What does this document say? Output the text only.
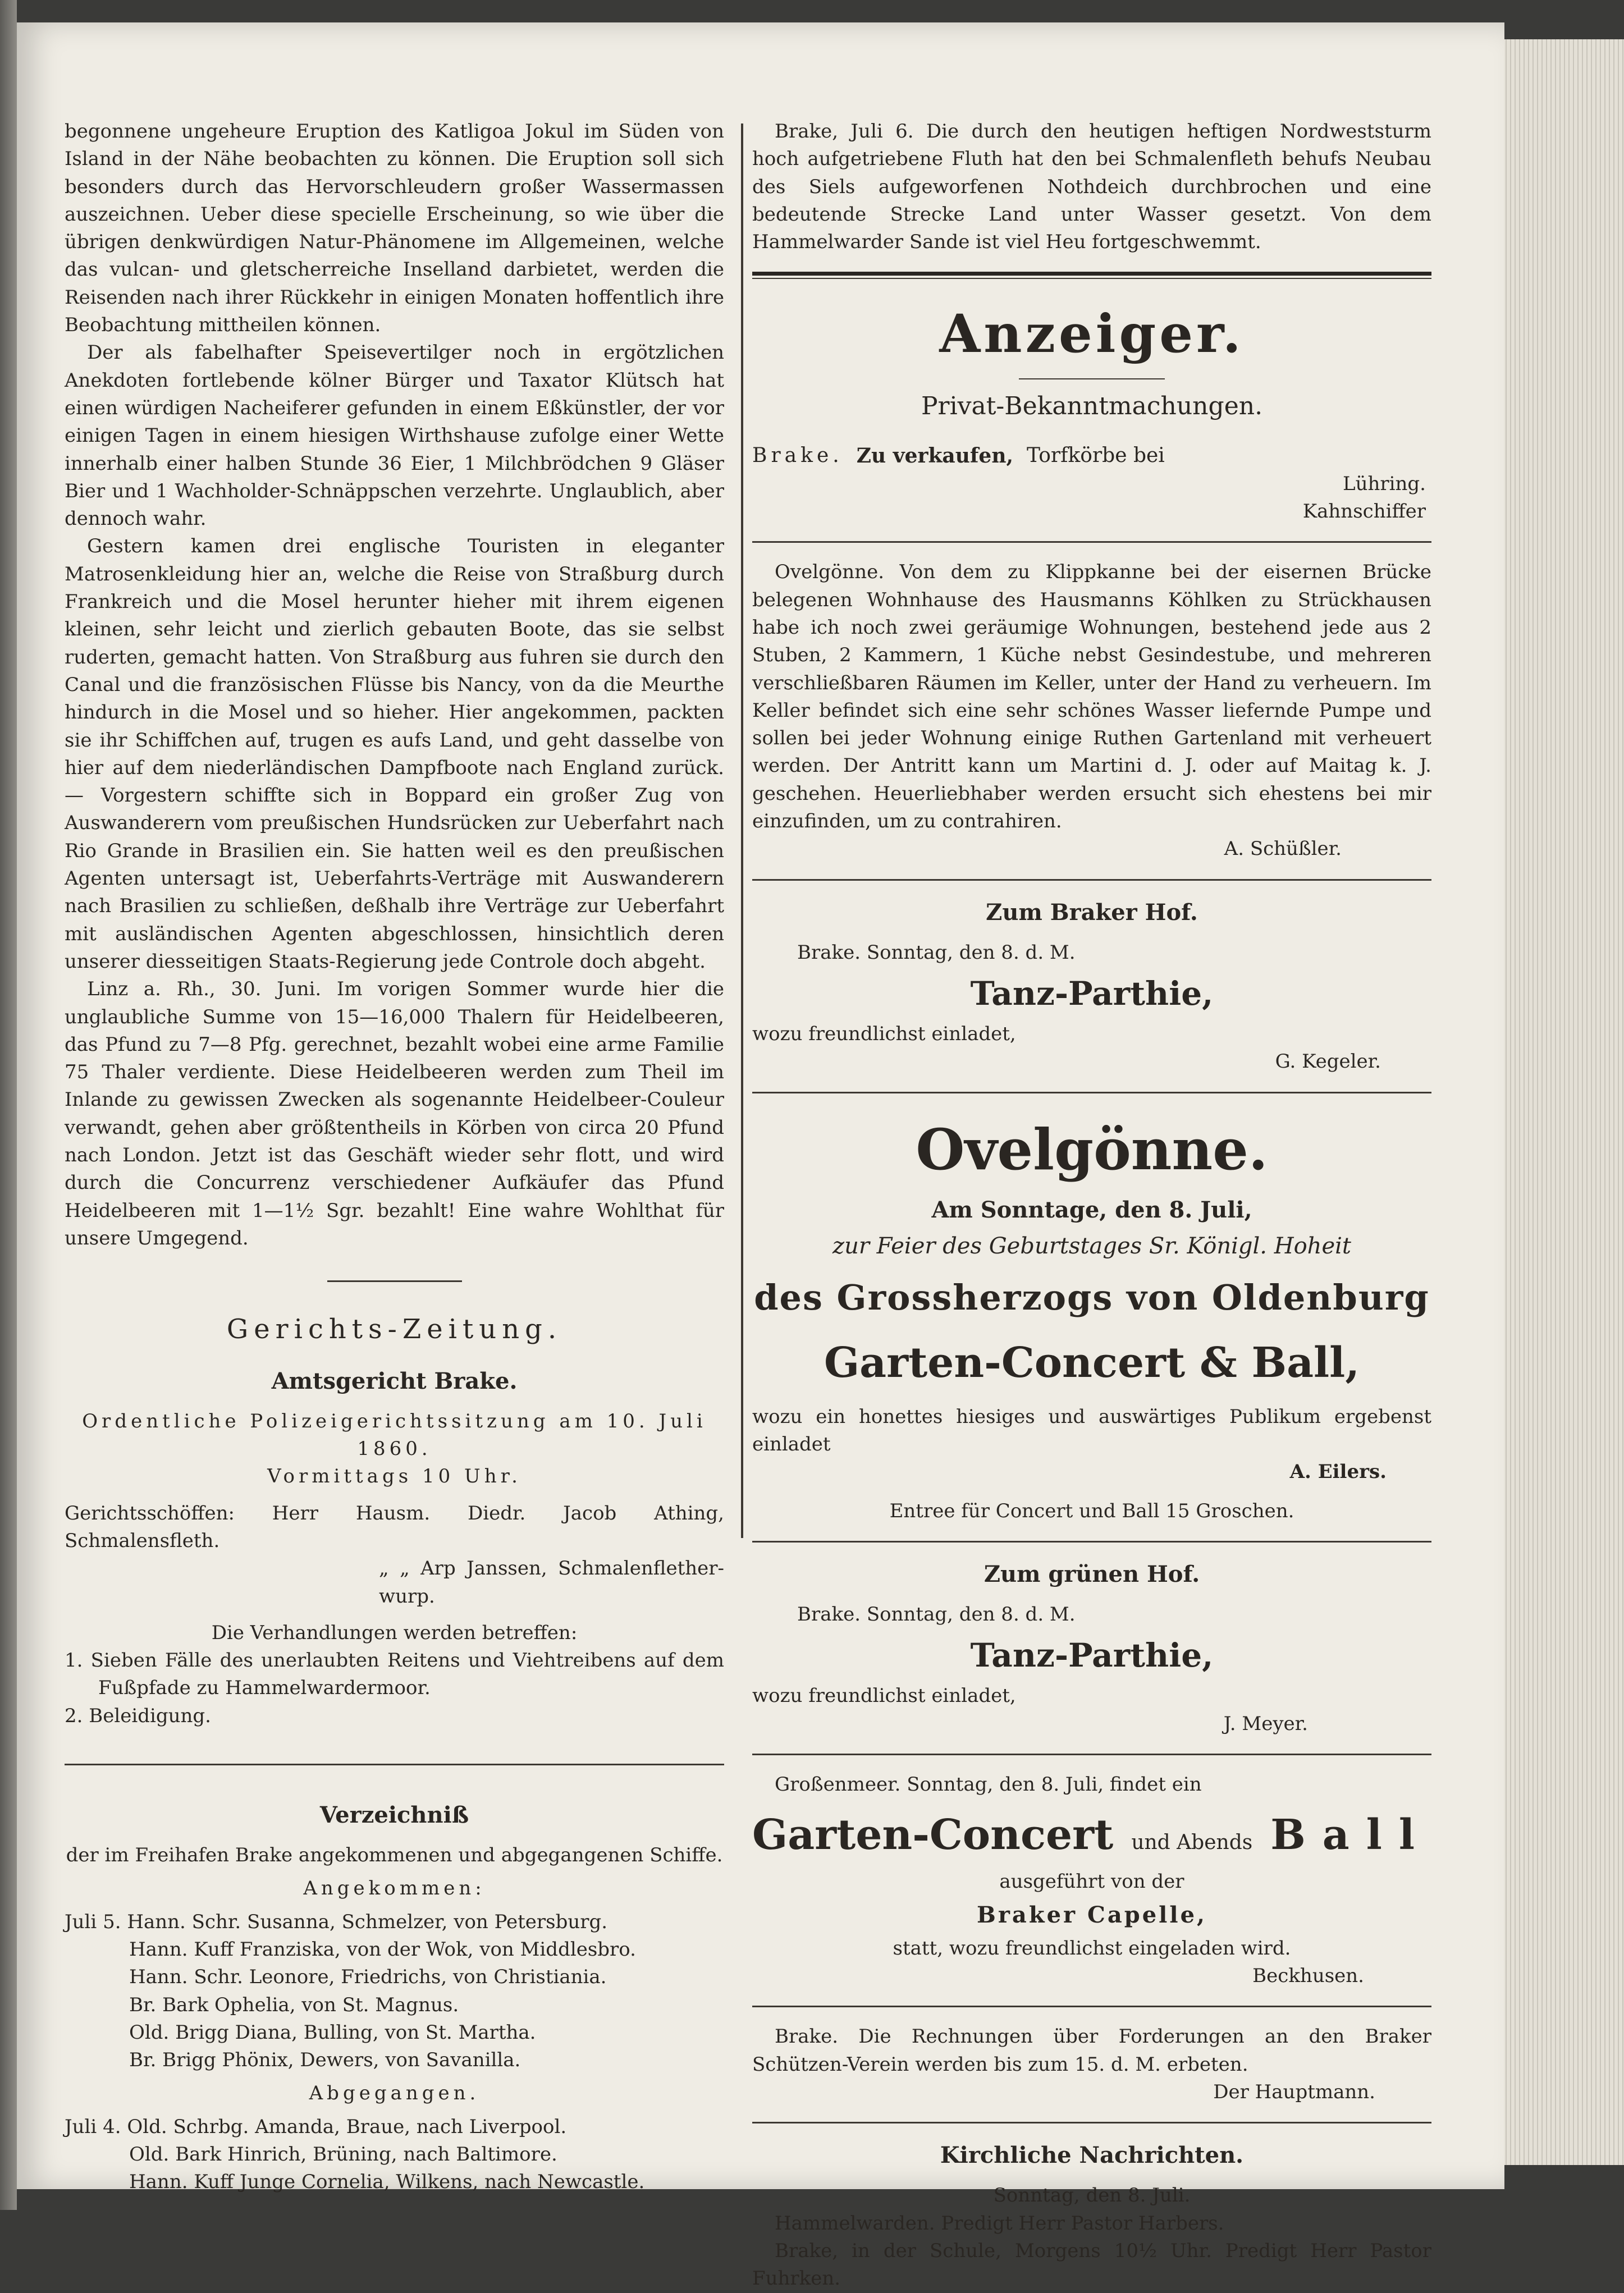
begonnene ungeheure Eruption des Katligoa Jokul im Süden von Island in der Nähe beobachten zu können. Die Eruption soll sich besonders durch das Hervorschleudern großer Wassermassen auszeichnen. Ueber diese specielle Erscheinung, so wie über die übrigen denkwürdigen Natur-Phänomene im Allgemeinen, welche das vulcan- und gletscherreiche Inselland darbietet, werden die Reisenden nach ihrer Rückkehr in einigen Monaten hoffentlich ihre Beobachtung mittheilen können.

Der als fabelhafter Speisevertilger noch in ergötzlichen Anekdoten fortlebende kölner Bürger und Taxator Klütsch hat einen würdigen Nacheiferer gefunden in einem Eßkünstler, der vor einigen Tagen in einem hiesigen Wirthshause zufolge einer Wette innerhalb einer halben Stunde 36 Eier, 1 Milchbrödchen 9 Gläser Bier und 1 Wachholder-Schnäppschen verzehrte. Unglaublich, aber dennoch wahr.

Gestern kamen drei englische Touristen in eleganter Matrosenkleidung hier an, welche die Reise von Straßburg durch Frankreich und die Mosel herunter hieher mit ihrem eigenen kleinen, sehr leicht und zierlich gebauten Boote, das sie selbst ruderten, gemacht hatten. Von Straßburg aus fuhren sie durch den Canal und die französischen Flüsse bis Nancy, von da die Meurthe hindurch in die Mosel und so hieher. Hier angekommen, packten sie ihr Schiffchen auf, trugen es aufs Land, und geht dasselbe von hier auf dem niederländischen Dampfboote nach England zurück. — Vorgestern schiffte sich in Boppard ein großer Zug von Auswanderern vom preußischen Hundsrücken zur Ueberfahrt nach Rio Grande in Brasilien ein. Sie hatten weil es den preußischen Agenten untersagt ist, Ueberfahrts-Verträge mit Auswanderern nach Brasilien zu schließen, deßhalb ihre Verträge zur Ueberfahrt mit ausländischen Agenten abgeschlossen, hinsichtlich deren unserer diesseitigen Staats-Regierung jede Controle doch abgeht.

Linz a. Rh., 30. Juni. Im vorigen Sommer wurde hier die unglaubliche Summe von 15—16,000 Thalern für Heidelbeeren, das Pfund zu 7—8 Pfg. gerechnet, bezahlt wobei eine arme Familie 75 Thaler verdiente. Diese Heidelbeeren werden zum Theil im Inlande zu gewissen Zwecken als sogenannte Heidelbeer-Couleur verwandt, gehen aber größtentheils in Körben von circa 20 Pfund nach London. Jetzt ist das Geschäft wieder sehr flott, und wird durch die Concurrenz verschiedener Aufkäufer das Pfund Heidelbeeren mit 1—1½ Sgr. bezahlt! Eine wahre Wohlthat für unsere Umgegend.

Gerichts-Zeitung.
Amtsgericht Brake.

Ordentliche Polizeigerichtssitzung am 10. Juli 1860.

Vormittags 10 Uhr.

Gerichtsschöffen: Herr Hausm. Diedr. Jacob Athing, Schmalensfleth.

„ „ Arp Janssen, Schmalenflether-wurp.

Die Verhandlungen werden betreffen:

1. Sieben Fälle des unerlaubten Reitens und Viehtreibens auf dem Fußpfade zu Hammelwardermoor.

2. Beleidigung.

Verzeichniß

der im Freihafen Brake angekommenen und abgegangenen Schiffe.

Angekommen:

Juli 5. Hann. Schr. Susanna, Schmelzer, von Petersburg.

Hann. Kuff Franziska, von der Wok, von Middlesbro.

Hann. Schr. Leonore, Friedrichs, von Christiania.

Br. Bark Ophelia, von St. Magnus.

Old. Brigg Diana, Bulling, von St. Martha.

Br. Brigg Phönix, Dewers, von Savanilla.

Abgegangen.

Juli 4. Old. Schrbg. Amanda, Braue, nach Liverpool.

Old. Bark Hinrich, Brüning, nach Baltimore.

Hann. Kuff Junge Cornelia, Wilkens, nach Newcastle.

Brake, Juli 6. Die durch den heutigen heftigen Nordweststurm hoch aufgetriebene Fluth hat den bei Schmalenfleth behufs Neubau des Siels aufgeworfenen Nothdeich durchbrochen und eine bedeutende Strecke Land unter Wasser gesetzt. Von dem Hammelwarder Sande ist viel Heu fortgeschwemmt.

Anzeiger.
Privat-Bekanntmachungen.
Brake. Zu verkaufen, Torfkörbe bei

Lühring.

Kahnschiffer

Ovelgönne. Von dem zu Klippkanne bei der eisernen Brücke belegenen Wohnhause des Hausmanns Köhlken zu Strückhausen habe ich noch zwei geräumige Wohnungen, bestehend jede aus 2 Stuben, 2 Kammern, 1 Küche nebst Gesindestube, und mehreren verschließbaren Räumen im Keller, unter der Hand zu verheuern. Im Keller befindet sich eine sehr schönes Wasser liefernde Pumpe und sollen bei jeder Wohnung einige Ruthen Gartenland mit verheuert werden. Der Antritt kann um Martini d. J. oder auf Maitag k. J. geschehen. Heuerliebhaber werden ersucht sich ehestens bei mir einzufinden, um zu contrahiren.

A. Schüßler.

Zum Braker Hof.

Brake. Sonntag, den 8. d. M.

Tanz-Parthie,

wozu freundlichst einladet,

G. Kegeler.

Ovelgönne.
Am Sonntage, den 8. Juli,
zur Feier des Geburtstages Sr. Königl. Hoheit
des Grossherzogs von Oldenburg
Garten-Concert & Ball,

wozu ein honettes hiesiges und auswärtiges Publikum ergebenst einladet

A. Eilers.

Entree für Concert und Ball 15 Groschen.

Zum grünen Hof.

Brake. Sonntag, den 8. d. M.

Tanz-Parthie,

wozu freundlichst einladet,

J. Meyer.

Großenmeer. Sonntag, den 8. Juli, findet ein

Garten-Concert und Abends Ball

ausgeführt von der

Braker Capelle,

statt, wozu freundlichst eingeladen wird.

Beckhusen.

Brake. Die Rechnungen über Forderungen an den Braker Schützen-Verein werden bis zum 15. d. M. erbeten.

Der Hauptmann.

Kirchliche Nachrichten.

Sonntag, den 8. Juli.

Hammelwarden. Predigt Herr Pastor Harbers.

Brake, in der Schule, Morgens 10½ Uhr. Predigt Herr Pastor Fuhrken.
